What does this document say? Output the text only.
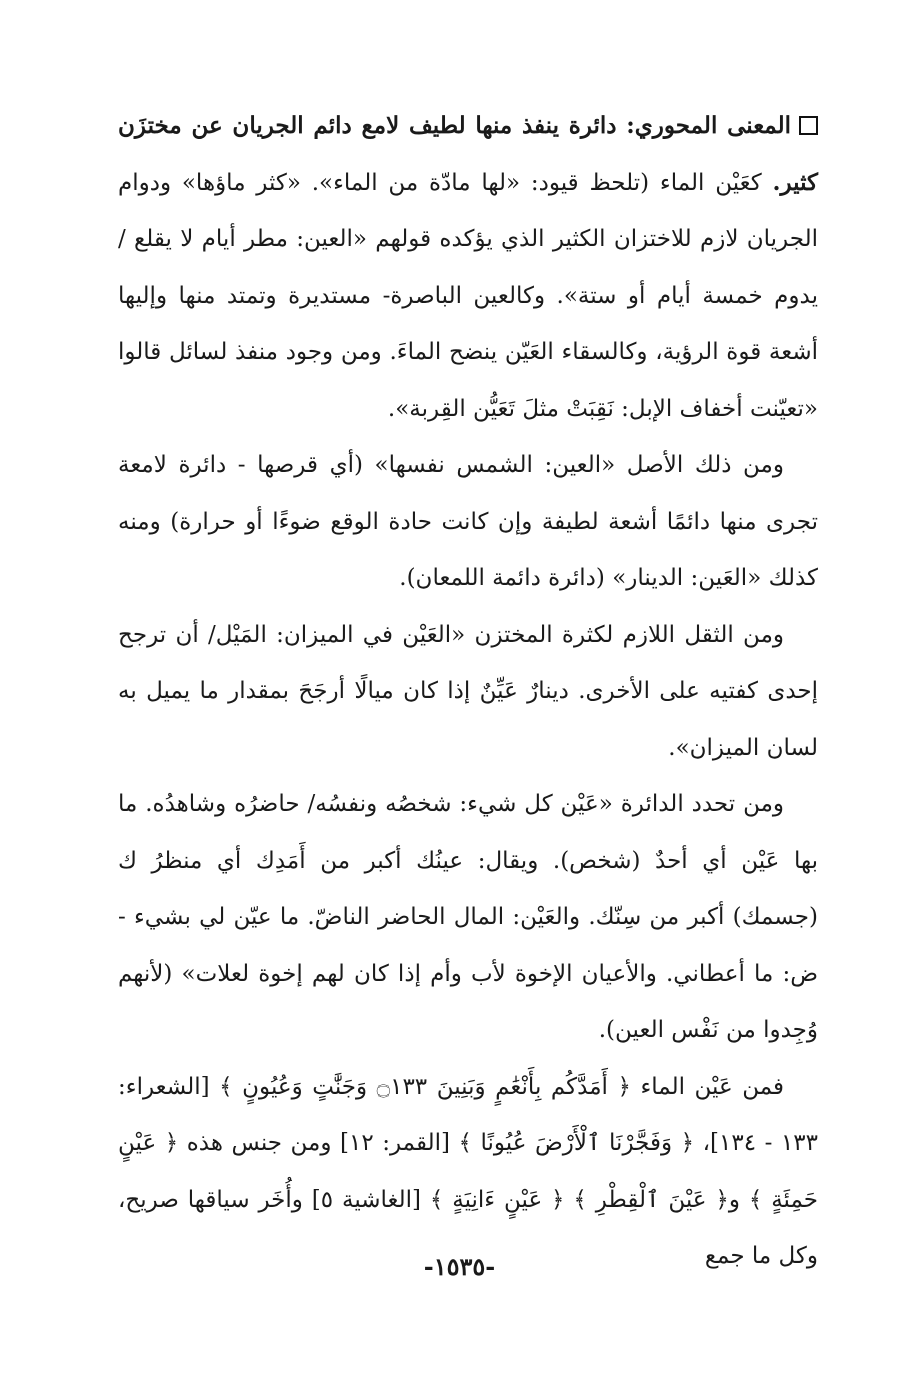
المعنى المحوري: دائرة ينفذ منها لطيف لامع دائم الجريان عن مختزَن كثير. كعَيْن الماء (تلحظ قيود: «لها مادّة من الماء». «كثر ماؤها» ودوام الجريان لازم للاختزان الكثير الذي يؤكده قولهم «العين: مطر أيام لا يقلع / يدوم خمسة أيام أو ستة». وكالعين الباصرة- مستديرة وتمتد منها وإليها أشعة قوة الرؤية، وكالسقاء العَيّن ينضح الماءَ. ومن وجود منفذ لسائل قالوا «تعيّنت أخفاف الإبل: نَقِبَتْ مثلَ تَعَيُّن القِربة».

ومن ذلك الأصل «العين: الشمس نفسها» (أي قرصها - دائرة لامعة تجرى منها دائمًا أشعة لطيفة وإن كانت حادة الوقع ضوءًا أو حرارة) ومنه كذلك «العَين: الدينار» (دائرة دائمة اللمعان).

ومن الثقل اللازم لكثرة المختزن «العَيْن في الميزان: المَيْل/ أن ترجح إحدى كفتيه على الأخرى. دينارٌ عَيِّنٌ إذا كان ميالًا أرجَحَ بمقدار ما يميل به لسان الميزان».

ومن تحدد الدائرة «عَيْن كل شيء: شخصُه ونفسُه/ حاضرُه وشاهدُه. ما بها عَيْن أي أحدٌ (شخص). ويقال: عينُك أكبر من أَمَدِك أي منظرُ ك (جسمك) أكبر من سِنّك. والعَيْن: المال الحاضر الناضّ. ما عيّن لي بشيء - ض: ما أعطاني. والأعيان الإخوة لأب وأم إذا كان لهم إخوة لعلات» (لأنهم وُجِدوا من نَفْس العين).

فمن عَيْن الماء ﴿ أَمَدَّكُم بِأَنْعَٰمٍ وَبَنِينَ ۝١٣٣ وَجَنَّٰتٍ وَعُيُونٍ ﴾ [الشعراء: ١٣٣ - ١٣٤]، ﴿ وَفَجَّرْنَا ٱلْأَرْضَ عُيُونًا ﴾ [القمر: ١٢] ومن جنس هذه ﴿ عَيْنٍ حَمِئَةٍ ﴾ و﴿ عَيْنَ ٱلْقِطْرِ ﴾ ﴿ عَيْنٍ ءَانِيَةٍ ﴾ [الغاشية ٥] وأُخَر سياقها صريح، وكل ما جمع

-١٥٣٥-
